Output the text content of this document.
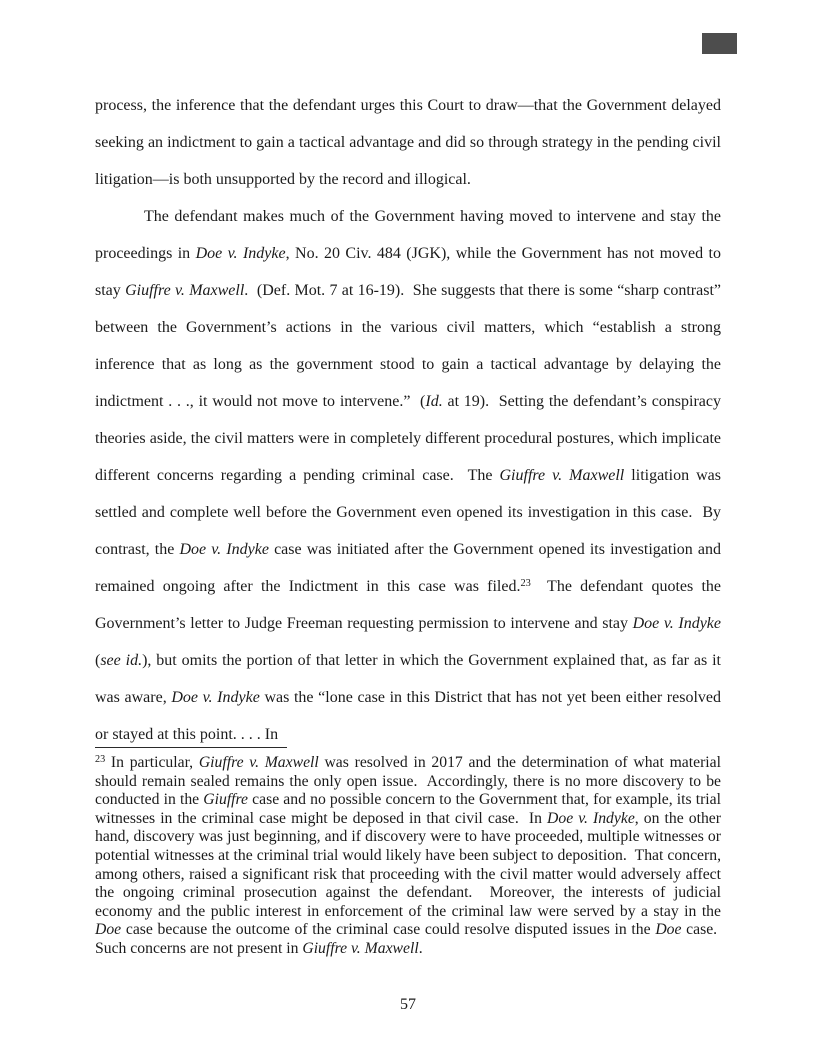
process, the inference that the defendant urges this Court to draw—that the Government delayed seeking an indictment to gain a tactical advantage and did so through strategy in the pending civil litigation—is both unsupported by the record and illogical.

The defendant makes much of the Government having moved to intervene and stay the proceedings in Doe v. Indyke, No. 20 Civ. 484 (JGK), while the Government has not moved to stay Giuffre v. Maxwell.  (Def. Mot. 7 at 16-19).  She suggests that there is some “sharp contrast” between the Government’s actions in the various civil matters, which “establish a strong inference that as long as the government stood to gain a tactical advantage by delaying the indictment . . ., it would not move to intervene.”  (Id. at 19).  Setting the defendant’s conspiracy theories aside, the civil matters were in completely different procedural postures, which implicate different concerns regarding a pending criminal case.  The Giuffre v. Maxwell litigation was settled and complete well before the Government even opened its investigation in this case.  By contrast, the Doe v. Indyke case was initiated after the Government opened its investigation and remained ongoing after the Indictment in this case was filed.$^{23}$  The defendant quotes the Government’s letter to Judge Freeman requesting permission to intervene and stay Doe v. Indyke (see id.), but omits the portion of that letter in which the Government explained that, as far as it was aware, Doe v. Indyke was the “lone case in this District that has not yet been either resolved or stayed at this point. . . . In

$^{23}$ In particular, Giuffre v. Maxwell was resolved in 2017 and the determination of what material should remain sealed remains the only open issue.  Accordingly, there is no more discovery to be conducted in the Giuffre case and no possible concern to the Government that, for example, its trial witnesses in the criminal case might be deposed in that civil case.  In Doe v. Indyke, on the other hand, discovery was just beginning, and if discovery were to have proceeded, multiple witnesses or potential witnesses at the criminal trial would likely have been subject to deposition.  That concern, among others, raised a significant risk that proceeding with the civil matter would adversely affect the ongoing criminal prosecution against the defendant.  Moreover, the interests of judicial economy and the public interest in enforcement of the criminal law were served by a stay in the Doe case because the outcome of the criminal case could resolve disputed issues in the Doe case.  Such concerns are not present in Giuffre v. Maxwell.
57
